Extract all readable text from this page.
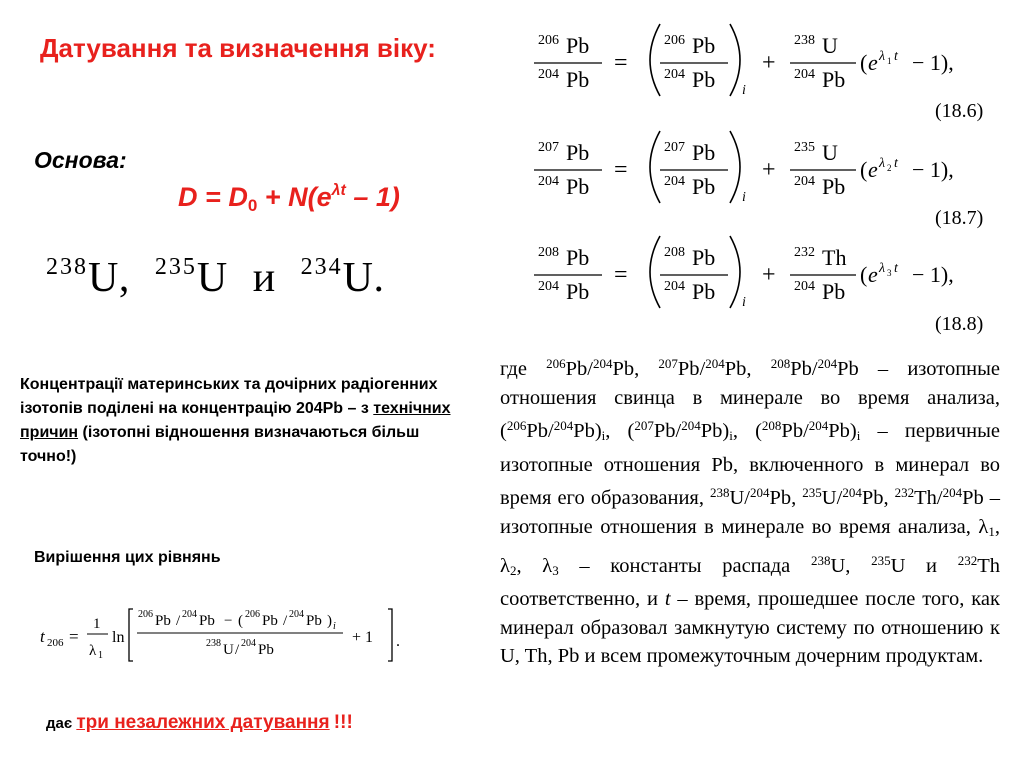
Датування та визначення віку:
Основа:
$D = D_0 + N(e^{\lambda t} - 1)$
$^{238}$U, $^{235}$U и $^{234}$U.
Концентрації материнських та дочірних радіогенних ізотопів поділені на концентрацію 204Pb – з технічних причин (ізотопні відношення визначаються більш точно!)
Вирішення цих рівнянь
t 206 =
1
λ 1
ln
206 Pb / 204 Pb − ( 206 Pb / 204 Pb ) i
238 U / 204 Pb
+ 1 .
дає три незалежних датування !!!
206 Pb
204 Pb
=
206 Pb
204 Pb i
+
238 U
204 Pb
( e λ 1 t − 1),
(18.6)
207 Pb
204 Pb
=
207 Pb
204 Pb i
+
235 U
204 Pb
( e λ 2 t − 1),
(18.7)
208 Pb
204 Pb
=
208 Pb
204 Pb i
+
232 Th
204 Pb
( e λ 3 t − 1),
(18.8)
где $^{206}$Pb/$^{204}$Pb, $^{207}$Pb/$^{204}$Pb, $^{208}$Pb/$^{204}$Pb – изотопные отношения свинца в минерале во время анализа, $(^{206}Pb/^{204}Pb)_i$, $(^{207}Pb/^{204}Pb)_i$, $(^{208}Pb/^{204}Pb)_i$ – первичные изотопные отношения Pb, включенного в минерал во время его образования, $^{238}$U/$^{204}$Pb, $^{235}$U/$^{204}$Pb, $^{232}$Th/$^{204}$Pb – изотопные отношения в минерале во время анализа, $\lambda_1$, $\lambda_2$, $\lambda_3$ – константы распада $^{238}$U, $^{235}$U и $^{232}$Th соответственно, и t – время, прошедшее после того, как минерал образовал замкнутую систему по отношению к U, Th, Pb и всем промежуточным дочерним продуктам.
